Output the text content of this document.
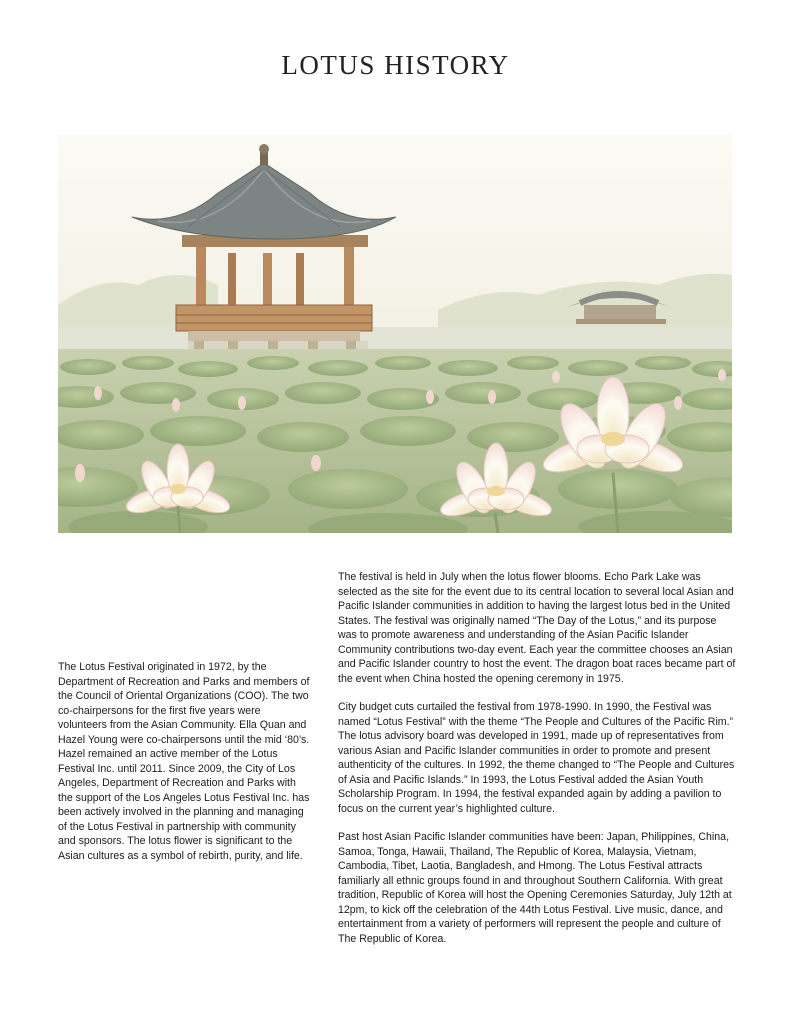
LOTUS HISTORY

The Lotus Festival originated in 1972, by the Department of Recreation and Parks and members of the Council of Oriental Organizations (COO). The two co-chairpersons for the first five years were volunteers from the Asian Community. Ella Quan and Hazel Young were co-chairpersons until the mid ‘80’s. Hazel remained an active member of the Lotus Festival Inc. until 2011. Since 2009, the City of Los Angeles, Department of Recreation and Parks with the support of the Los Angeles Lotus Festival Inc. has been actively involved in the planning and managing of the Lotus Festival in partnership with community and sponsors. The lotus flower is significant to the Asian cultures as a symbol of rebirth, purity, and life.

The festival is held in July when the lotus flower blooms. Echo Park Lake was selected as the site for the event due to its central location to several local Asian and Pacific Islander communities in addition to having the largest lotus bed in the United States. The festival was originally named “The Day of the Lotus,” and its purpose was to promote awareness and understanding of the Asian Pacific Islander Community contributions two-day event. Each year the committee chooses an Asian and Pacific Islander country to host the event. The dragon boat races became part of the event when China hosted the opening ceremony in 1975.

City budget cuts curtailed the festival from 1978-1990. In 1990, the Festival was named “Lotus Festival” with the theme “The People and Cultures of the Pacific Rim.” The lotus advisory board was developed in 1991, made up of representatives from various Asian and Pacific Islander communities in order to promote and present authenticity of the cultures. In 1992, the theme changed to “The People and Cultures of Asia and Pacific Islands.” In 1993, the Lotus Festival added the Asian Youth Scholarship Program. In 1994, the festival expanded again by adding a pavilion to focus on the current year’s highlighted culture.

Past host Asian Pacific Islander communities have been: Japan, Philippines, China, Samoa, Tonga, Hawaii, Thailand, The Republic of Korea, Malaysia, Vietnam, Cambodia, Tibet, Laotia, Bangladesh, and Hmong. The Lotus Festival attracts familiarly all ethnic groups found in and throughout Southern California. With great tradition, Republic of Korea will host the Opening Ceremonies Saturday, July 12th at 12pm, to kick off the celebration of the 44th Lotus Festival. Live music, dance, and entertainment from a variety of performers will represent the people and culture of The Republic of Korea.
